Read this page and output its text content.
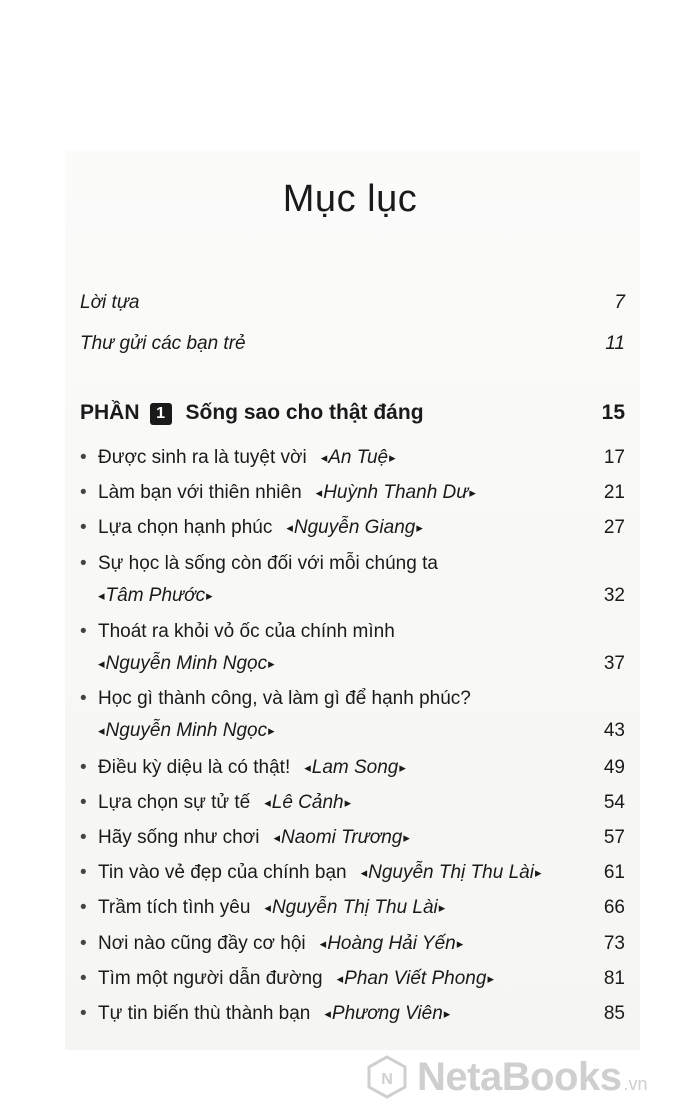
Mục lục
Lời tựa	7
Thư gửi các bạn trẻ	11
PHẦN 1 Sống sao cho thật đáng	15
• Được sinh ra là tuyệt vời ◂ An Tuệ ▸	17
• Làm bạn với thiên nhiên ◂ Huỳnh Thanh Dư ▸	21
• Lựa chọn hạnh phúc ◂ Nguyễn Giang ▸	27
• Sự học là sống còn đối với mỗi chúng ta
◂ Tâm Phước ▸	32
• Thoát ra khỏi vỏ ốc của chính mình
◂ Nguyễn Minh Ngọc ▸	37
• Học gì thành công, và làm gì để hạnh phúc?
◂ Nguyễn Minh Ngọc ▸	43
• Điều kỳ diệu là có thật! ◂ Lam Song ▸	49
• Lựa chọn sự tử tế ◂ Lê Cảnh ▸	54
• Hãy sống như chơi ◂ Naomi Trương ▸	57
• Tin vào vẻ đẹp của chính bạn ◂ Nguyễn Thị Thu Lài ▸	61
• Trầm tích tình yêu ◂ Nguyễn Thị Thu Lài ▸	66
• Nơi nào cũng đầy cơ hội ◂ Hoàng Hải Yến ▸	73
• Tìm một người dẫn đường ◂ Phan Viết Phong ▸	81
• Tự tin biến thù thành bạn ◂ Phương Viên ▸	85
N NetaBooks .vn
